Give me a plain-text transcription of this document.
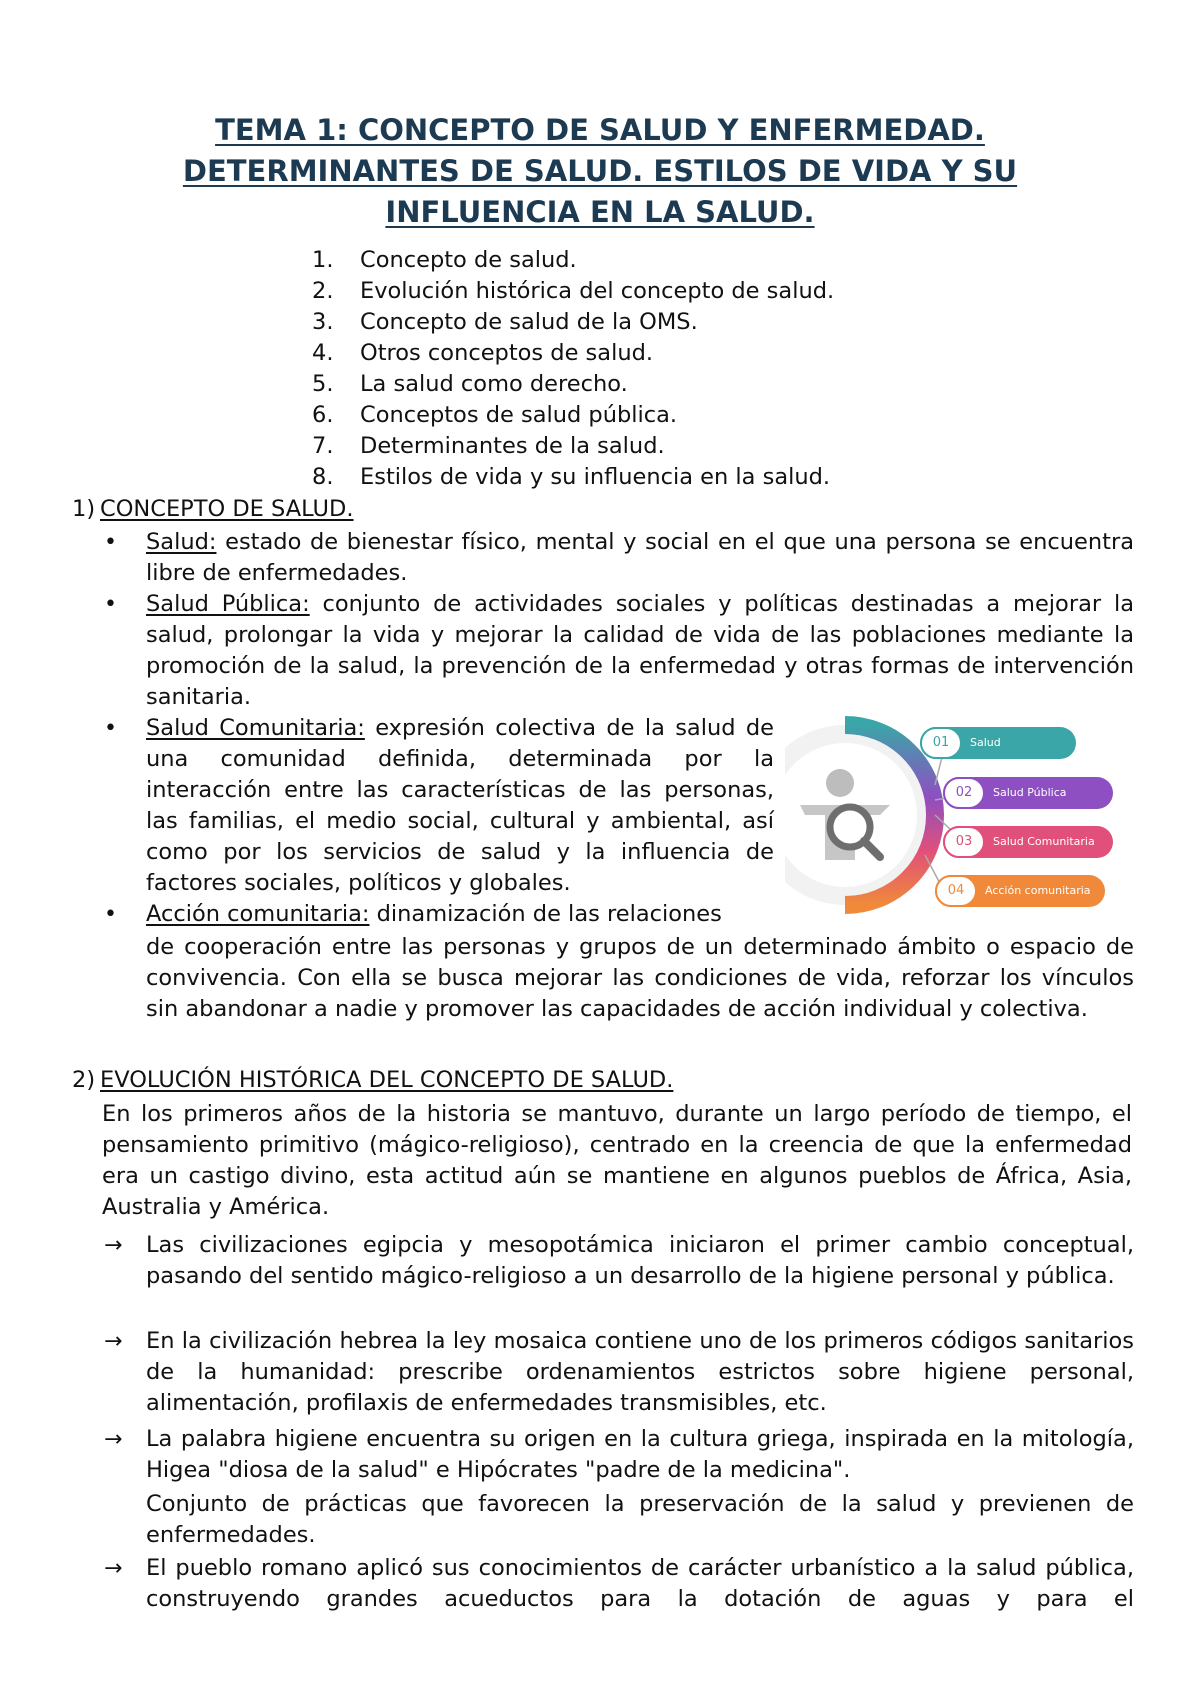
TEMA 1: CONCEPTO DE SALUD Y ENFERMEDAD.
DETERMINANTES DE SALUD. ESTILOS DE VIDA Y SU
INFLUENCIA EN LA SALUD.
1. Concepto de salud.
2. Evolución histórica del concepto de salud.
3. Concepto de salud de la OMS.
4. Otros conceptos de salud.
5. La salud como derecho.
6. Conceptos de salud pública.
7. Determinantes de la salud.
8. Estilos de vida y su influencia en la salud.
1) CONCEPTO DE SALUD.
•	Salud: estado de bienestar físico, mental y social en el que una persona se encuentra libre de enfermedades.
•	Salud Pública: conjunto de actividades sociales y políticas destinadas a mejorar la salud, prolongar la vida y mejorar la calidad de vida de las poblaciones mediante la promoción de la salud, la prevención de la enfermedad y otras formas de intervención sanitaria.
•	Salud Comunitaria: expresión colectiva de la salud de una comunidad definida, determinada por la interacción entre las características de las personas, las familias, el medio social, cultural y ambiental, así como por los servicios de salud y la influencia de factores sociales, políticos y globales.
•	Acción comunitaria: dinamización de las relaciones
de cooperación entre las personas y grupos de un determinado ámbito o espacio de convivencia. Con ella se busca mejorar las condiciones de vida, reforzar los vínculos sin abandonar a nadie y promover las capacidades de acción individual y colectiva.
01	Salud
02	Salud Pública
03	Salud Comunitaria
04	Acción comunitaria
2) EVOLUCIÓN HISTÓRICA DEL CONCEPTO DE SALUD.
En los primeros años de la historia se mantuvo, durante un largo período de tiempo, el pensamiento primitivo (mágico-religioso), centrado en la creencia de que la enfermedad era un castigo divino, esta actitud aún se mantiene en algunos pueblos de África, Asia, Australia y América.
→	Las civilizaciones egipcia y mesopotámica iniciaron el primer cambio conceptual, pasando del sentido mágico-religioso a un desarrollo de la higiene personal y pública.
→	En la civilización hebrea la ley mosaica contiene uno de los primeros códigos sanitarios de la humanidad: prescribe ordenamientos estrictos sobre higiene personal, alimentación, profilaxis de enfermedades transmisibles, etc.
→	La palabra higiene encuentra su origen en la cultura griega, inspirada en la mitología, Higea "diosa de la salud" e Hipócrates "padre de la medicina".
Conjunto de prácticas que favorecen la preservación de la salud y previenen de enfermedades.
→	El pueblo romano aplicó sus conocimientos de carácter urbanístico a la salud pública, construyendo grandes acueductos para la dotación de aguas y para el
